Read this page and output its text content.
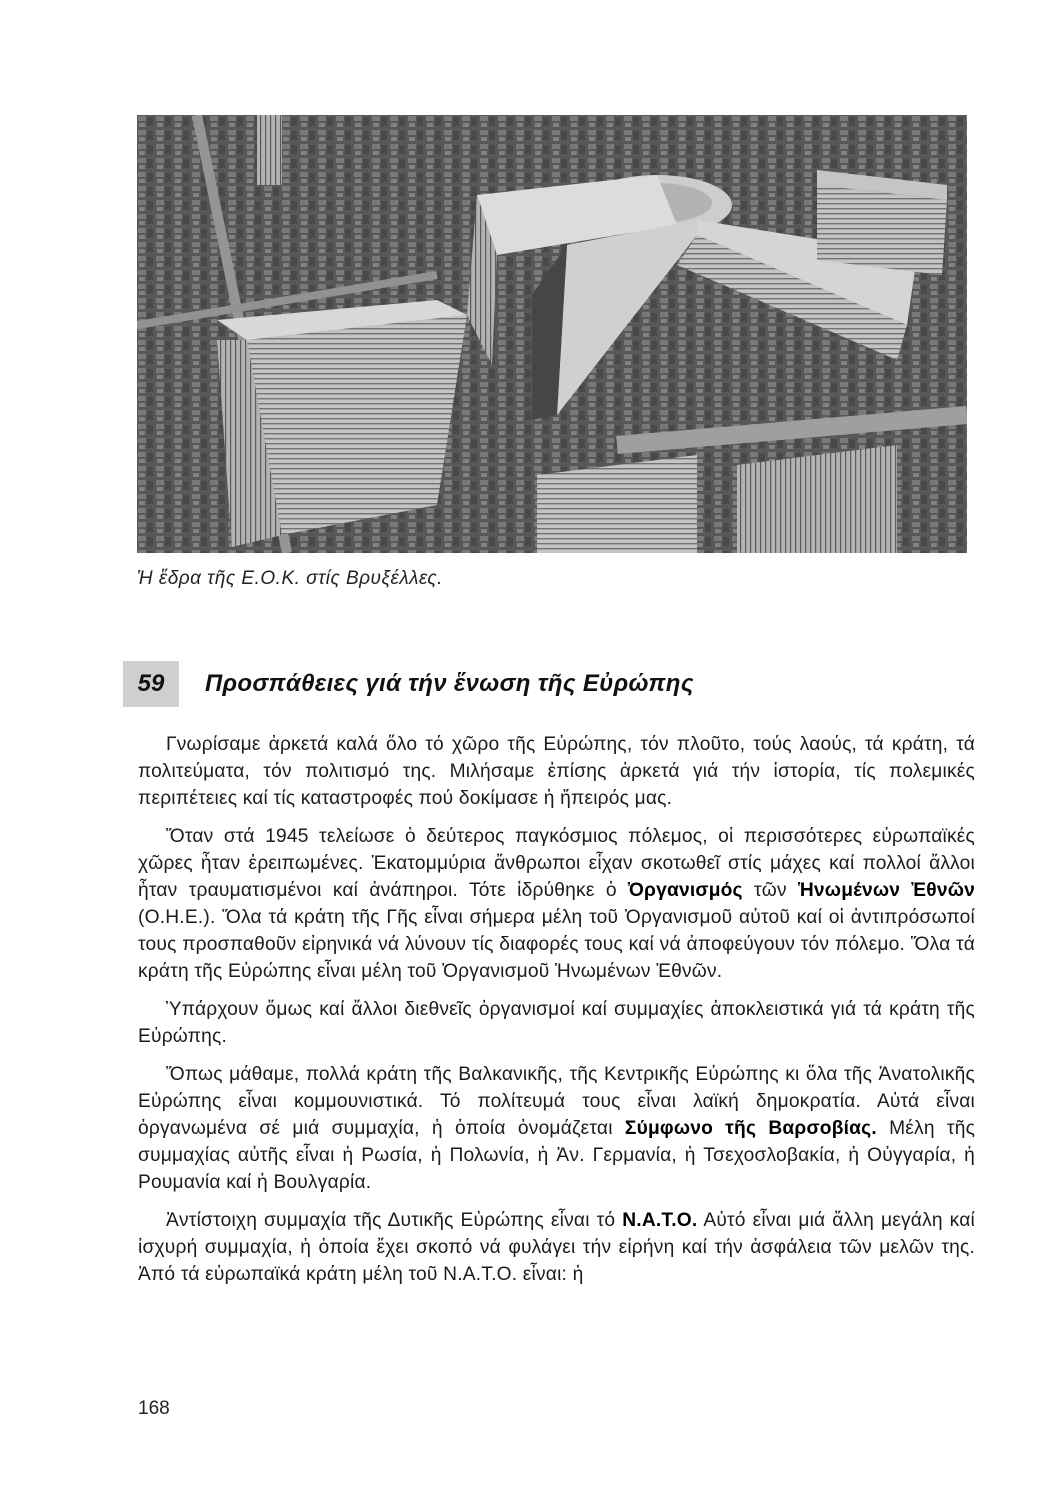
Ἡ ἕδρα τῆς Ε.Ο.Κ. στίς Βρυξέλλες.
59	Προσπάθειες γιά τήν ἕνωση τῆς Εὐρώπης

Γνωρίσαμε ἀρκετά καλά ὅλο τό χῶρο τῆς Εὐρώπης, τόν πλοῦτο, τούς λαούς, τά κράτη, τά πολιτεύματα, τόν πολιτισμό της. Μιλήσαμε ἐπίσης ἀρκετά γιά τήν ἱστορία, τίς πολεμικές περιπέτειες καί τίς καταστροφές πού δοκίμασε ἡ ἤπειρός μας.

Ὅταν στά 1945 τελείωσε ὁ δεύτερος παγκόσμιος πόλεμος, οἱ περισσότερες εὐρωπαϊκές χῶρες ἦταν ἐρειπωμένες. Ἑκατομμύρια ἄνθρωποι εἶχαν σκοτωθεῖ στίς μάχες καί πολλοί ἄλλοι ἦταν τραυματισμένοι καί ἀνάπηροι. Τότε ἱδρύθηκε ὁ Ὀργανισμός τῶν Ἡνωμένων Ἐθνῶν (Ο.Η.Ε.). Ὅλα τά κράτη τῆς Γῆς εἶναι σήμερα μέλη τοῦ Ὀργανισμοῦ αὐτοῦ καί οἱ ἀντιπρόσωποί τους προσπαθοῦν εἰρηνικά νά λύνουν τίς διαφορές τους καί νά ἀποφεύγουν τόν πόλεμο. Ὅλα τά κράτη τῆς Εὐρώπης εἶναι μέλη τοῦ Ὀργανισμοῦ Ἡνωμένων Ἐθνῶν.

Ὑπάρχουν ὅμως καί ἄλλοι διεθνεῖς ὀργανισμοί καί συμμαχίες ἀποκλειστικά γιά τά κράτη τῆς Εὐρώπης.

Ὅπως μάθαμε, πολλά κράτη τῆς Βαλκανικῆς, τῆς Κεντρικῆς Εὐρώπης κι ὅλα τῆς Ἀνατολικῆς Εὐρώπης εἶναι κομμουνιστικά. Τό πολίτευμά τους εἶναι λαϊκή δημοκρατία. Αὐτά εἶναι ὀργανωμένα σέ μιά συμμαχία, ἡ ὁποία ὀνομάζεται Σύμφωνο τῆς Βαρσοβίας. Μέλη τῆς συμμαχίας αὐτῆς εἶναι ἡ Ρωσία, ἡ Πολωνία, ἡ Ἀν. Γερμανία, ἡ Τσεχοσλοβακία, ἡ Οὐγγαρία, ἡ Ρουμανία καί ἡ Βουλγαρία.

Ἀντίστοιχη συμμαχία τῆς Δυτικῆς Εὐρώπης εἶναι τό Ν.Α.Τ.Ο. Αὐτό εἶναι μιά ἄλλη μεγάλη καί ἰσχυρή συμμαχία, ἡ ὁποία ἔχει σκοπό νά φυλάγει τήν εἰρήνη καί τήν ἀσφάλεια τῶν μελῶν της. Ἀπό τά εὐρωπαϊκά κράτη μέλη τοῦ Ν.Α.Τ.Ο. εἶναι: ἡ

168
